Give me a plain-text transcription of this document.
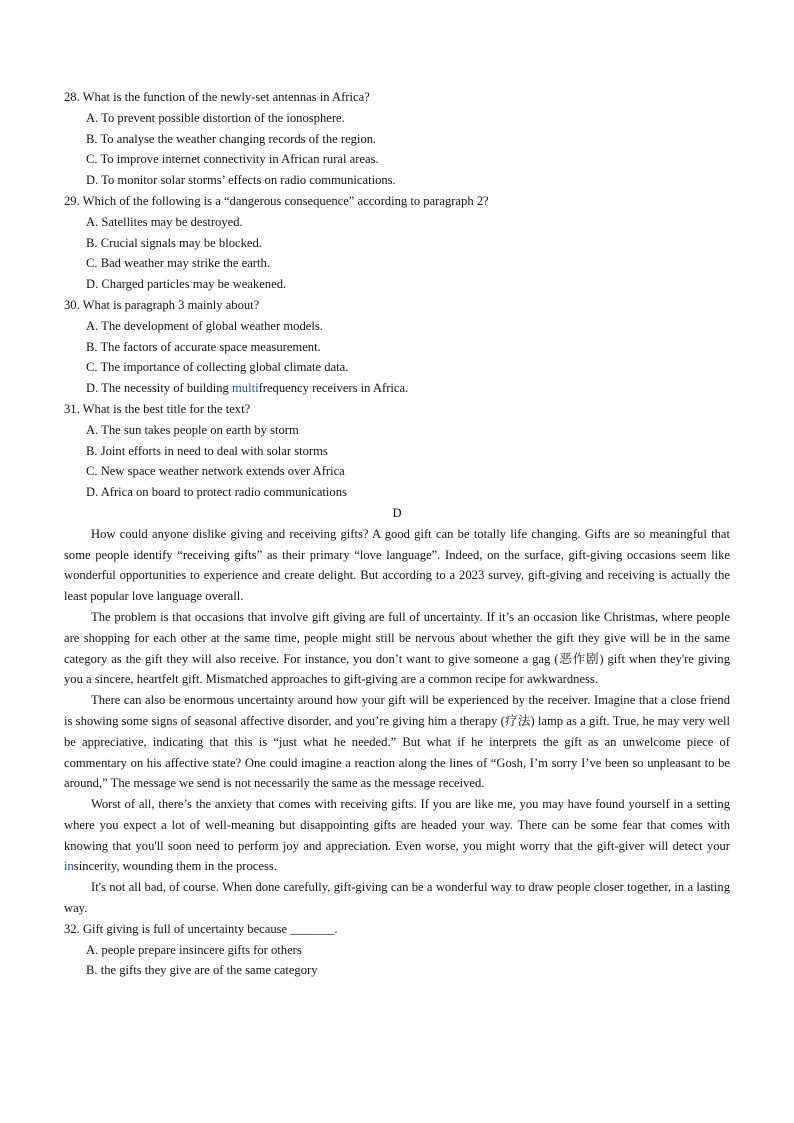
28. What is the function of the newly-set antennas in Africa?

A. To prevent possible distortion of the ionosphere.

B. To analyse the weather changing records of the region.

C. To improve internet connectivity in African rural areas.

D. To monitor solar storms’ effects on radio communications.

29. Which of the following is a “dangerous consequence” according to paragraph 2?

A. Satellites may be destroyed.

B. Crucial signals may be blocked.

C. Bad weather may strike the earth.

D. Charged particles may be weakened.

30. What is paragraph 3 mainly about?

A. The development of global weather models.

B. The factors of accurate space measurement.

C. The importance of collecting global climate data.

D. The necessity of building multifrequency receivers in Africa.

31. What is the best title for the text?

A. The sun takes people on earth by storm

B. Joint efforts in need to deal with solar storms

C. New space weather network extends over Africa

D. Africa on board to protect radio communications

D

How could anyone dislike giving and receiving gifts? A good gift can be totally life changing. Gifts are so meaningful that some people identify “receiving gifts” as their primary “love language”. Indeed, on the surface, gift-giving occasions seem like wonderful opportunities to experience and create delight. But according to a 2023 survey, gift-giving and receiving is actually the least popular love language overall.

The problem is that occasions that involve gift giving are full of uncertainty. If it’s an occasion like Christmas, where people are shopping for each other at the same time, people might still be nervous about whether the gift they give will be in the same category as the gift they will also receive. For instance, you don’t want to give someone a gag (恶作剧) gift when they're giving you a sincere, heartfelt gift. Mismatched approaches to gift-giving are a common recipe for awkwardness.

There can also be enormous uncertainty around how your gift will be experienced by the receiver. Imagine that a close friend is showing some signs of seasonal affective disorder, and you’re giving him a therapy (疗法) lamp as a gift. True, he may very well be appreciative, indicating that this is “just what he needed.” But what if he interprets the gift as an unwelcome piece of commentary on his affective state? One could imagine a reaction along the lines of “Gosh, I’m sorry I’ve been so unpleasant to be around,” The message we send is not necessarily the same as the message received.

Worst of all, there’s the anxiety that comes with receiving gifts. If you are like me, you may have found yourself in a setting where you expect a lot of well-meaning but disappointing gifts are headed your way. There can be some fear that comes with knowing that you'll soon need to perform joy and appreciation. Even worse, you might worry that the gift-giver will detect your insincerity, wounding them in the process.

It's not all bad, of course. When done carefully, gift-giving can be a wonderful way to draw people closer together, in a lasting way.

32. Gift giving is full of uncertainty because _______.

A. people prepare insincere gifts for others

B. the gifts they give are of the same category
